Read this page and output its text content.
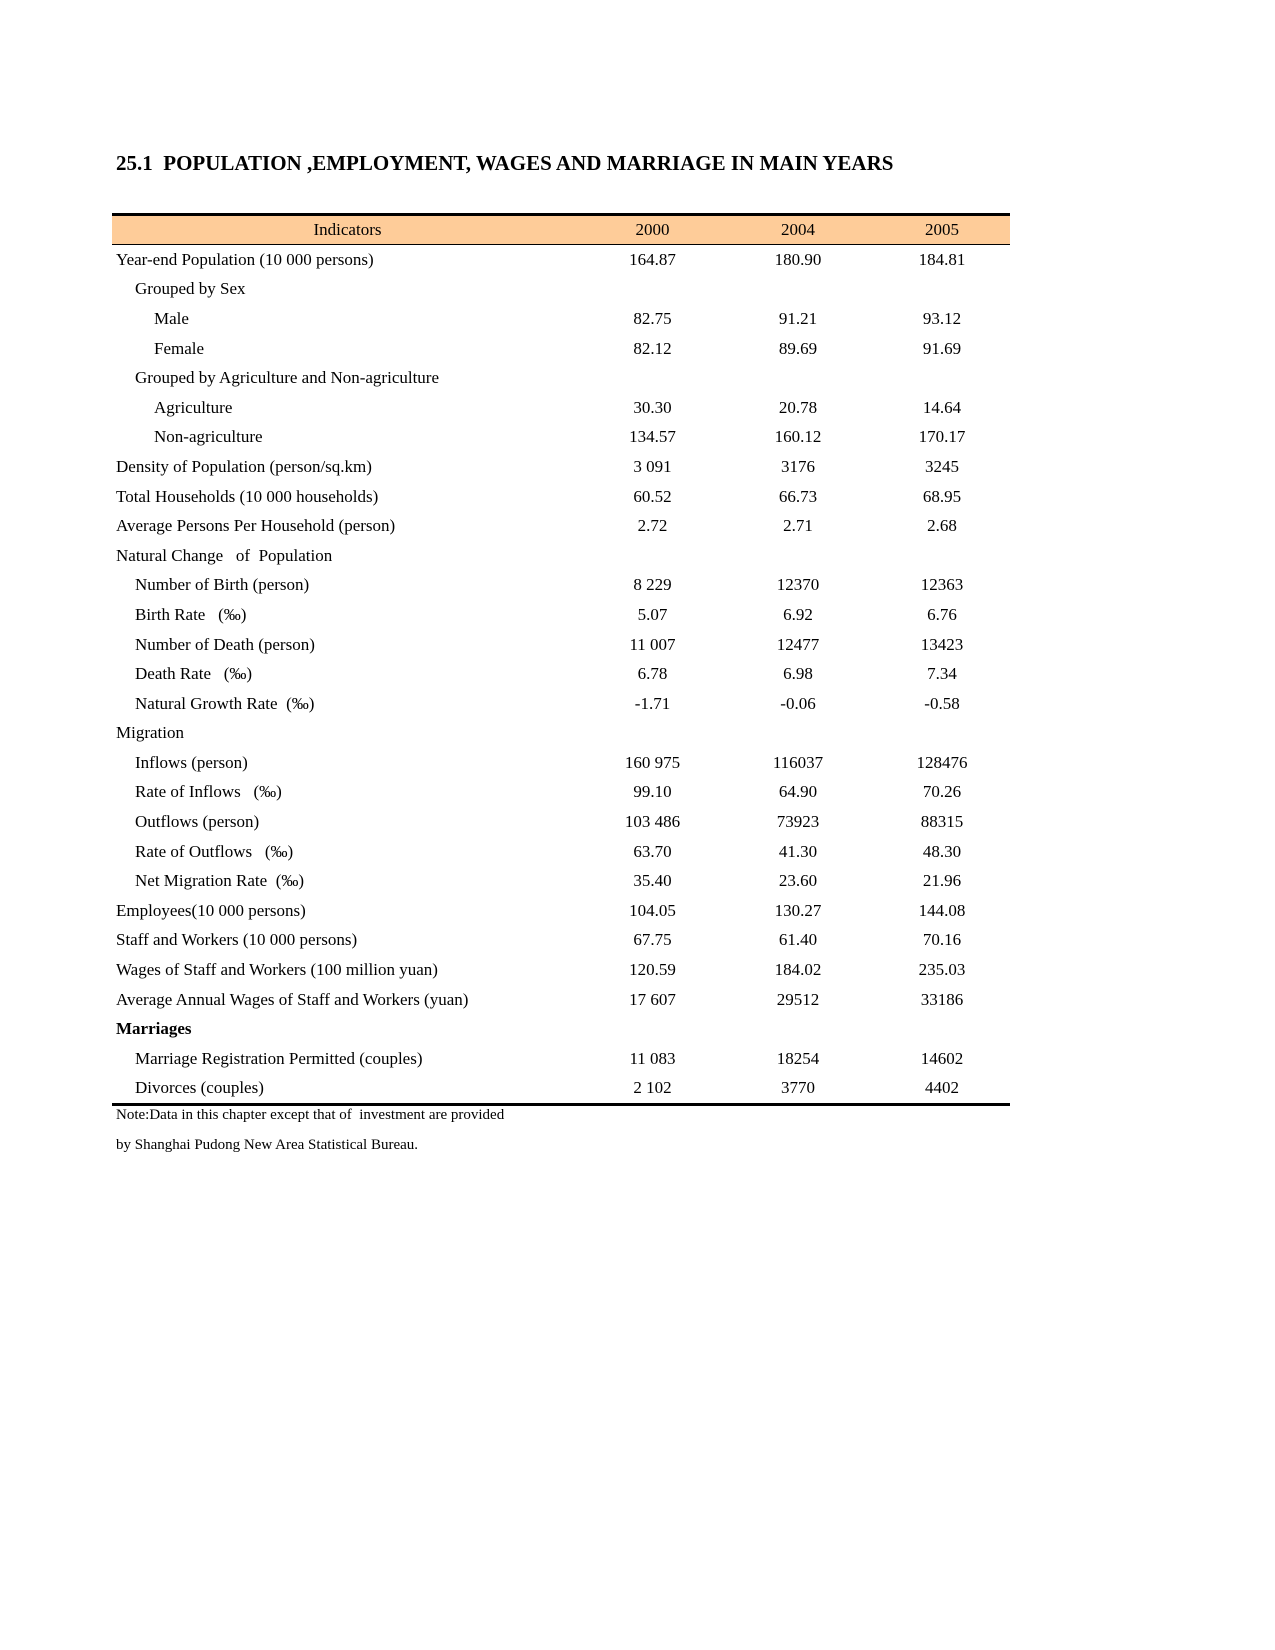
25.1  POPULATION ,EMPLOYMENT, WAGES AND MARRIAGE IN MAIN YEARS
Indicators	2000	2004	2005
Year-end Population (10 000 persons)	164.87	180.90	184.81
Grouped by Sex			
Male	82.75	91.21	93.12
Female	82.12	89.69	91.69
Grouped by Agriculture and Non-agriculture			
Agriculture	30.30	20.78	14.64
Non-agriculture	134.57	160.12	170.17
Density of Population (person/sq.km)	3 091	3176	3245
Total Households (10 000 households)	60.52	66.73	68.95
Average Persons Per Household (person)	2.72	2.71	2.68
Natural Change   of  Population			
Number of Birth (person)	8 229	12370	12363
Birth Rate   (‰)	5.07	6.92	6.76
Number of Death (person)	11 007	12477	13423
Death Rate   (‰)	6.78	6.98	7.34
Natural Growth Rate  (‰)	-1.71	-0.06	-0.58
Migration			
Inflows (person)	160 975	116037	128476
Rate of Inflows   (‰)	99.10	64.90	70.26
Outflows (person)	103 486	73923	88315
Rate of Outflows   (‰)	63.70	41.30	48.30
Net Migration Rate  (‰)	35.40	23.60	21.96
Employees(10 000 persons)	104.05	130.27	144.08
Staff and Workers (10 000 persons)	67.75	61.40	70.16
Wages of Staff and Workers (100 million yuan)	120.59	184.02	235.03
Average Annual Wages of Staff and Workers (yuan)	17 607	29512	33186
Marriages			
Marriage Registration Permitted (couples)	11 083	18254	14602
Divorces (couples)	2 102	3770	4402

Note:Data in this chapter except that of  investment are provided

by Shanghai Pudong New Area Statistical Bureau.
